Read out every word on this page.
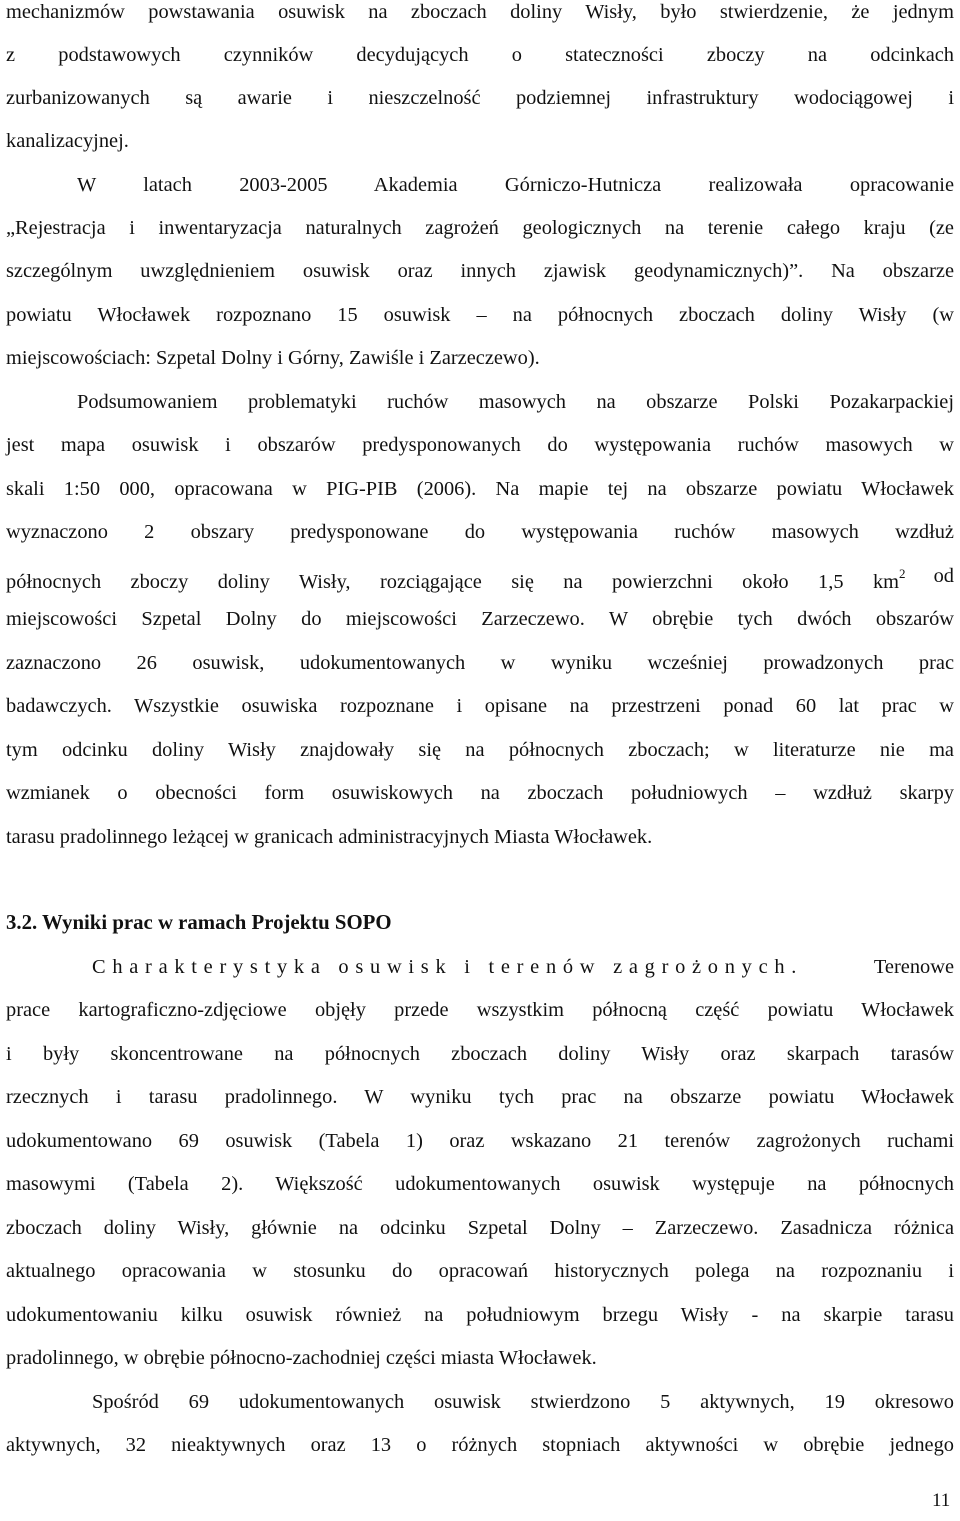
mechanizmów powstawania osuwisk na zboczach doliny Wisły, było stwierdzenie, że jednym
z podstawowych czynników decydujących o stateczności zboczy na odcinkach
zurbanizowanych są awarie i nieszczelność podziemnej infrastruktury wodociągowej i
kanalizacyjnej.
W latach 2003-2005 Akademia Górniczo-Hutnicza realizowała opracowanie
„Rejestracja i inwentaryzacja naturalnych zagrożeń geologicznych na terenie całego kraju (ze
szczególnym uwzględnieniem osuwisk oraz innych zjawisk geodynamicznych)”. Na obszarze
powiatu Włocławek rozpoznano 15 osuwisk – na północnych zboczach doliny Wisły (w
miejscowościach: Szpetal Dolny i Górny, Zawiśle i Zarzeczewo).
Podsumowaniem problematyki ruchów masowych na obszarze Polski Pozakarpackiej
jest mapa osuwisk i obszarów predysponowanych do występowania ruchów masowych w
skali 1:50 000, opracowana w PIG-PIB (2006). Na mapie tej na obszarze powiatu Włocławek
wyznaczono 2 obszary predysponowane do występowania ruchów masowych wzdłuż
północnych zboczy doliny Wisły, rozciągające się na powierzchni około 1,5 $km^2$ od
miejscowości Szpetal Dolny do miejscowości Zarzeczewo. W obrębie tych dwóch obszarów
zaznaczono 26 osuwisk, udokumentowanych w wyniku wcześniej prowadzonych prac
badawczych. Wszystkie osuwiska rozpoznane i opisane na przestrzeni ponad 60 lat prac w
tym odcinku doliny Wisły znajdowały się na północnych zboczach; w literaturze nie ma
wzmianek o obecności form osuwiskowych na zboczach południowych – wzdłuż skarpy
tarasu pradolinnego leżącej w granicach administracyjnych Miasta Włocławek.
3.2. Wyniki prac w ramach Projektu SOPO
Charakterystyka osuwisk i terenów zagrożonych.	Terenowe
prace kartograficzno-zdjęciowe objęły przede wszystkim północną część powiatu Włocławek
i były skoncentrowane na północnych zboczach doliny Wisły oraz skarpach tarasów
rzecznych i tarasu pradolinnego. W wyniku tych prac na obszarze powiatu Włocławek
udokumentowano 69 osuwisk (Tabela 1) oraz wskazano 21 terenów zagrożonych ruchami
masowymi (Tabela 2). Większość udokumentowanych osuwisk występuje na północnych
zboczach doliny Wisły, głównie na odcinku Szpetal Dolny – Zarzeczewo. Zasadnicza różnica
aktualnego opracowania w stosunku do opracowań historycznych polega na rozpoznaniu i
udokumentowaniu kilku osuwisk również na południowym brzegu Wisły - na skarpie tarasu
pradolinnego, w obrębie północno-zachodniej części miasta Włocławek.
Spośród 69 udokumentowanych osuwisk stwierdzono 5 aktywnych, 19 okresowo
aktywnych, 32 nieaktywnych oraz 13 o różnych stopniach aktywności w obrębie jednego
11
